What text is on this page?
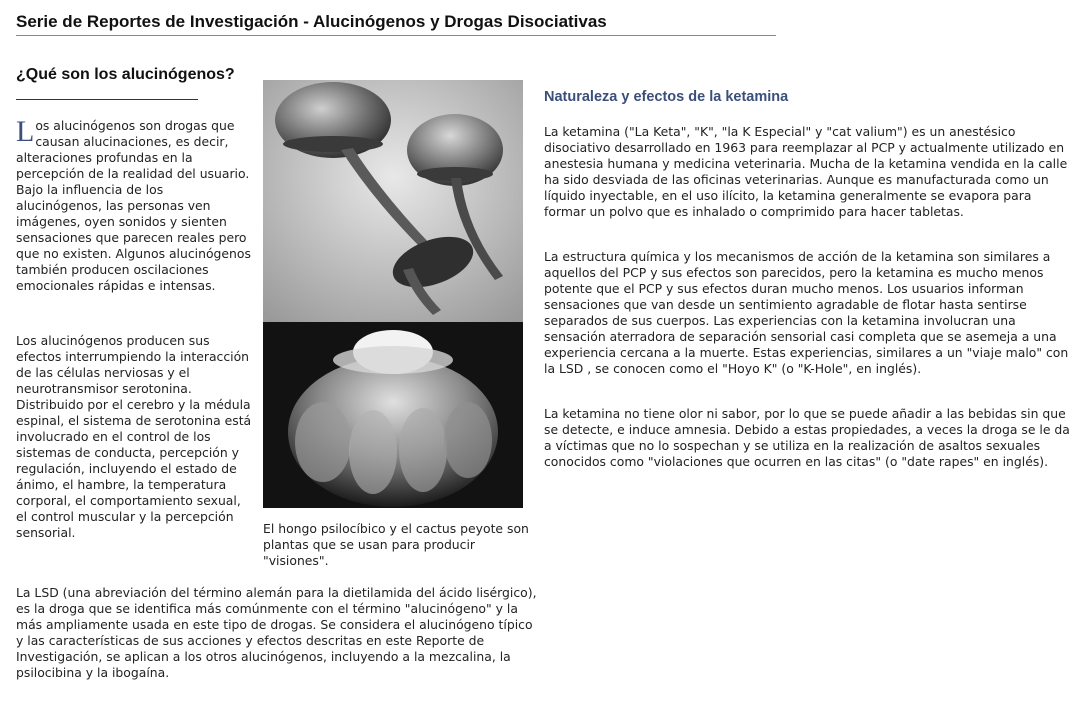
Serie de Reportes de Investigación - Alucinógenos y Drogas Disociativas
¿Qué son los alucinógenos?
Los alucinógenos son drogas que causan alucinaciones, es decir, alteraciones profundas en la percepción de la realidad del usuario. Bajo la influencia de los alucinógenos, las personas ven imágenes, oyen sonidos y sienten sensaciones que parecen reales pero que no existen. Algunos alucinógenos también producen oscilaciones emocionales rápidas e intensas.
Los alucinógenos producen sus efectos interrumpiendo la interacción de las células nerviosas y el neurotransmisor serotonina. Distribuido por el cerebro y la médula espinal, el sistema de serotonina está involucrado en el control de los sistemas de conducta, percepción y regulación, incluyendo el estado de ánimo, el hambre, la temperatura corporal, el comportamiento sexual, el control muscular y la percepción sensorial.
La LSD (una abreviación del término alemán para la dietilamida del ácido lisérgico), es la droga que se identifica más comúnmente con el término "alucinógeno" y la más ampliamente usada en este tipo de drogas. Se considera el alucinógeno típico y las características de sus acciones y efectos descritas en este Reporte de Investigación, se aplican a los otros alucinógenos, incluyendo a la mezcalina, la psilocibina y la ibogaína.
El hongo psilocíbico y el cactus peyote son plantas que se usan para producir "visiones".
Naturaleza y efectos de la ketamina
La ketamina ("La Keta", "K", "la K Especial" y "cat valium") es un anestésico disociativo desarrollado en 1963 para reemplazar al PCP y actualmente utilizado en anestesia humana y medicina veterinaria. Mucha de la ketamina vendida en la calle ha sido desviada de las oficinas veterinarias. Aunque es manufacturada como un líquido inyectable, en el uso ilícito, la ketamina generalmente se evapora para formar un polvo que es inhalado o comprimido para hacer tabletas.
La estructura química y los mecanismos de acción de la ketamina son similares a aquellos del PCP y sus efectos son parecidos, pero la ketamina es mucho menos potente que el PCP y sus efectos duran mucho menos. Los usuarios informan sensaciones que van desde un sentimiento agradable de flotar hasta sentirse separados de sus cuerpos. Las experiencias con la ketamina involucran una sensación aterradora de separación sensorial casi completa que se asemeja a una experiencia cercana a la muerte. Estas experiencias, similares a un "viaje malo" con la LSD , se conocen como el "Hoyo K" (o "K-Hole", en inglés).
La ketamina no tiene olor ni sabor, por lo que se puede añadir a las bebidas sin que se detecte, e induce amnesia. Debido a estas propiedades, a veces la droga se le da a víctimas que no lo sospechan y se utiliza en la realización de asaltos sexuales conocidos como "violaciones que ocurren en las citas" (o "date rapes" en inglés).
